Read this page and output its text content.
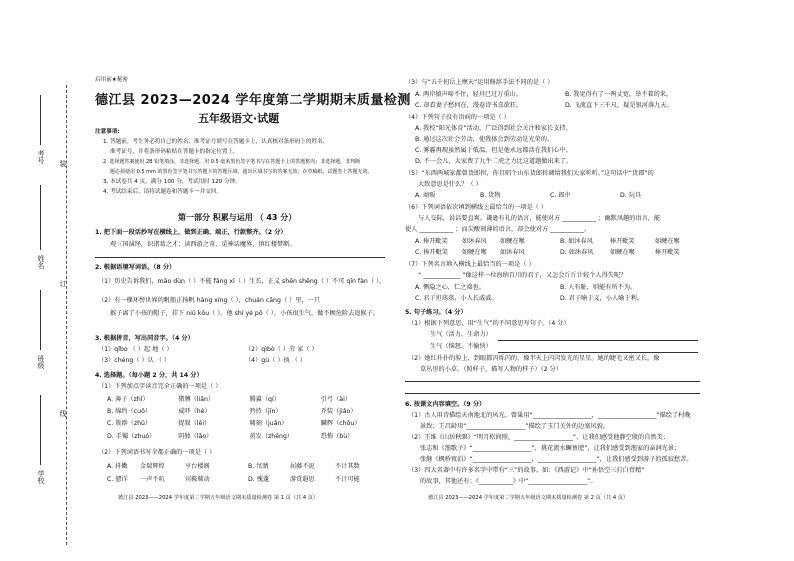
装
订
线
考号
姓名
班级
学校
启用前★秘密
德江县 2023—2024 学年度第二学期期末质量检测
五年级语文·试题
注意事项:
1. 答题前，考生务必将自己的姓名、准考证号填写在答题卡上，认真核对条形码上的姓名、
准考证号，并将条形码粘贴在答题卡的指定位置上。
2. 选择题答案使用 2B 铅笔填涂，非选择题，用 0.5 毫米黑色签字笔书写在答题卡上的答题框内；非选择题、非判断
题必须使用 0.5 mm 的黑色签字笔书写答题卡的答题区域，超出区域书写的答案无效；在草稿纸、试题卷上答题无效。
3. 本试卷共 4 页，满分 100 分，考试用时 120 分钟。
4. 考试结束后，请将试题卷和答题卡一并交回。
第一部分 积累与运用 （ 43 分）
1. 把下面一段话抄写在横线上，做到正确、端正，行款整齐。（2 分）
观三国演绎，识诸葛之才；读西游之奇，觅神话魔界，慎红楼梦断。
2. 根据语境写词语。（8 分）
（1）历史告诉我们，māo dùn（ ）不能 fāng xī（ ）生长，正义 shēn shēng（ ）不可 qīn fàn（ ）。
（2）有一棵环髻世界的帆船正扬帆 hāng xíng（ ），chuán cāng（ ）里，一只
猴子离了小孩的帽子，挂下 niū kōu（ ）。他 shí yé pō（ ），小孩很生气，做不顾危险去追猴子。
3. 根据拼音，写出同音字。（4 分）
（1）qǐbo （ ）起 地（ ）	（2）qìbò（ ）劳 家（ ）
（3）chéng（ ）认 （ ）	（4）gù（ ）执 （ ）
4. 选择题。（每小题 2 分，共 14 分）
（1）下列加点字读音完全正确的一项是（ ）
A. 薄子（zhǐ）	猎膊（liǎn）	腾翼（qí）	引弓（ài）
B. 绵约（cuō）	威吓（hè）	矜持（jīn）	乔装（jiǎo）
C. 簇群（zhǔ）	捉叙（lěi）	啸刻（juǎn）	麟辉（chōu）
D. 手镯（zhuó）	阴独（lǎo）	黄发（zhēng）	恐怖（bù）
（2）下列词语书写全都正确的一项是（ ）
A. 抖擞 金瑞辉煌	亨台楼阁	B. 氘睛	屈藤不泥	不计其数
C. 戆详 一声不吭	宾鞍肺动	D. 愧蓬	游赏遐思	不计可能
德江县 2023——2024 学年度第二学期五年级语文期末质量检测卷 第 1 页（共 4 页）
（3）与“五千仞岳上摩天”运用修辞手法不同的是（ ）
A. 两岸猿声啼不住，轻舟已过万重山。	B. 我觉得有了一两丈宽，举不着的来。
C. 却看妻子愁何在，漫卷诗书喜欲狂。	D. 飞流直下三千尺，疑是银河落九天。
（4）下列句子没有语病的一项是（ ）
A. 我校“阳光体育”活动，广泛得到社会关注和家长支持。
B. 通过这次社会劳动，使我体会到劳动是光荣的。
C. 雾霾再现虽然属于低温，但是他永远都活在我们心中。
D. 不一会儿，大家费了九牛二虎之力比这道题做出来了。
（5）“东西两城家都曾货郎担，你且唱个山东货郎转调给我们大家听听。”这句话中“货郎”的
大致意思是什么？（ ）
A. 商贩	B. 货物	C. 郎中	D. 玩具
（6）下列词语依次填到横线上最恰当的一项是（ ）
与人交际，说话要直爽。谦逊有礼的语言，能使对方 ___________ ；幽默风趣的语言，能
使人 ___________ ；而尖酸刻薄的语言，却会使对方 ___________。
A. 捧开毗笑 如沐春风 如鲠在喉	B. 如沐春风	捧开毗笑	如鲠在喉
C. 捧开毗笑 如鲠在喉 如沐春风	D. 如沐春风	如鲠在喉	捧开毗笑
（7）下列名言填入横线上最恰当的一项是（ ）
“ ____________ ”像这样一位海纳百川的君子，又怎会斤斤计较个人得失呢？
A. 恻隐之心，仁之端也。	B. 人有耻，则能有所不为。
C. 君子坦荡荡，小人长戚戚。	D. 君子喻于义，小人喻于利。
5. 句子练习。（4 分）
（1）根据下列意思，用“生气”的不同意思写句子。（4 分）
生气（活力、生命力）
生气（恼怒、不愉快）
（2）她红扑扑的脸上，到眼都闪烁闪的，像半天上闪闪发光的星星。她的睫毛又密又长，像
草丛里的小草。（照样子，描写人物的样子）（2 分）
6. 按课文内容填空。（9 分）
（1）古人用诗描绘天南地北的风光。曾巢用“___________________，___________________”描绘了村晚
景致；王昌龄用“___________________”描绘了玉门关外的边塞风貌。
（2）王维《山居秋暝》“明月松间照，___________________”，让我们感受他静空般的自然美；
张志和《渔歌子》“___________________”，挑花流水鳜鱼肥”，让我们感受到渔家的亲润光景；
张继《枫桥夜泊》“___________________，___________________”，让我们感受到游子的孤寂愁苦。
（3）四大名著中有许多名字中带有“三”的故事。如：《西游记》中“孙悟空三打白骨精”
的故事，其他还有：《___________》中“___________________”。
德江县 2023——2024 学年度第二学期五年级语文期末质量检测卷 第 2 页（共 4 页）
